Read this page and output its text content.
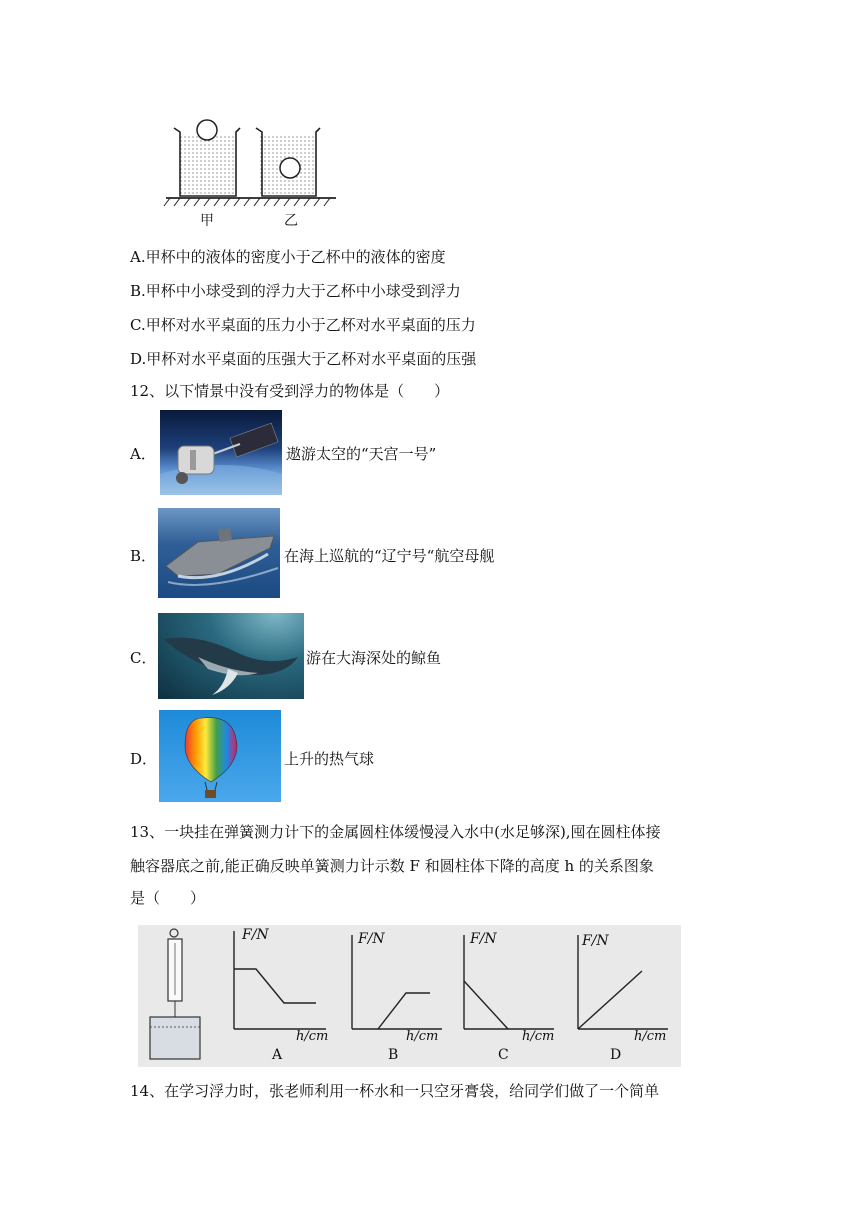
甲	乙
A.甲杯中的液体的密度小于乙杯中的液体的密度
B.甲杯中小球受到的浮力大于乙杯中小球受到浮力
C.甲杯对水平桌面的压力小于乙杯对水平桌面的压力
D.甲杯对水平桌面的压强大于乙杯对水平桌面的压强
12、以下情景中没有受到浮力的物体是（　　）
A．	遨游太空的“天宫一号”
B．	在海上巡航的“辽宁号“航空母舰
C．	游在大海深处的鲸鱼
D．	上升的热气球
13、一块挂在弹簧测力计下的金属圆柱体缓慢浸入水中(水足够深),囤在圆柱体接
触容器底之前,能正确反映单簧测力计示数 F 和圆柱体下降的高度 h 的关系图象
是（　　）
F/N
h/cm
A
F/N
h/cm
B
F/N
h/cm
C
F/N
h/cm
D
14、在学习浮力时，张老师利用一杯水和一只空牙膏袋，给同学们做了一个简单
